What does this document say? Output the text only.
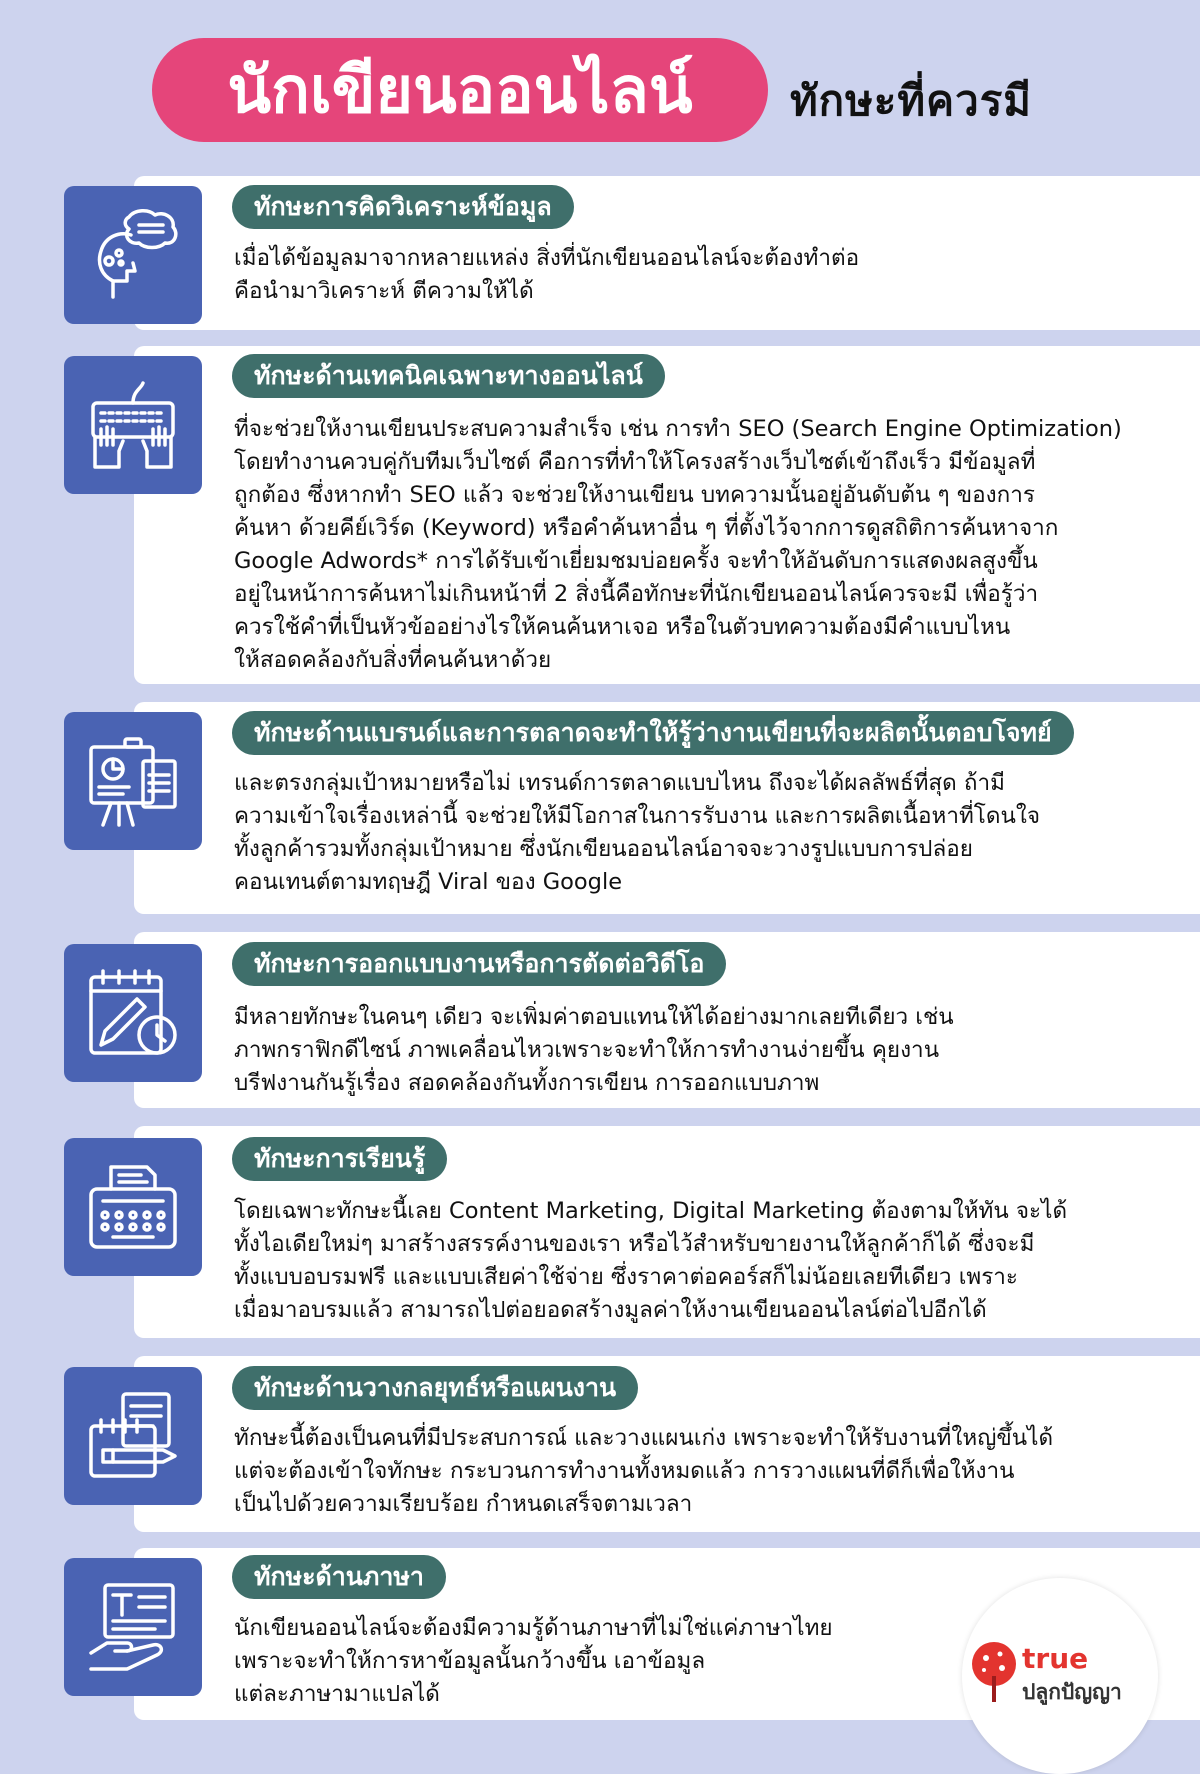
นักเขียนออนไลน์	ทักษะที่ควรมี
ทักษะการคิดวิเคราะห์ข้อมูล
เมื่อได้ข้อมูลมาจากหลายแหล่ง สิ่งที่นักเขียนออนไลน์จะต้องทำต่อ
คือนำมาวิเคราะห์ ตีความให้ได้
ทักษะด้านเทคนิคเฉพาะทางออนไลน์
ที่จะช่วยให้งานเขียนประสบความสำเร็จ เช่น การทำ SEO (Search Engine Optimization)
โดยทำงานควบคู่กับทีมเว็บไซต์ คือการที่ทำให้โครงสร้างเว็บไซต์เข้าถึงเร็ว มีข้อมูลที่
ถูกต้อง ซึ่งหากทำ SEO แล้ว จะช่วยให้งานเขียน บทความนั้นอยู่อันดับต้น ๆ ของการ
ค้นหา ด้วยคีย์เวิร์ด (Keyword) หรือคำค้นหาอื่น ๆ ที่ตั้งไว้จากการดูสถิติการค้นหาจาก
Google Adwords* การได้รับเข้าเยี่ยมชมบ่อยครั้ง จะทำให้อันดับการแสดงผลสูงขึ้น
อยู่ในหน้าการค้นหาไม่เกินหน้าที่ 2 สิ่งนี้คือทักษะที่นักเขียนออนไลน์ควรจะมี เพื่อรู้ว่า
ควรใช้คำที่เป็นหัวข้ออย่างไรให้คนค้นหาเจอ หรือในตัวบทความต้องมีคำแบบไหน
ให้สอดคล้องกับสิ่งที่คนค้นหาด้วย
ทักษะด้านแบรนด์และการตลาดจะทำให้รู้ว่างานเขียนที่จะผลิตนั้นตอบโจทย์
และตรงกลุ่มเป้าหมายหรือไม่ เทรนด์การตลาดแบบไหน ถึงจะได้ผลลัพธ์ที่สุด ถ้ามี
ความเข้าใจเรื่องเหล่านี้ จะช่วยให้มีโอกาสในการรับงาน และการผลิตเนื้อหาที่โดนใจ
ทั้งลูกค้ารวมทั้งกลุ่มเป้าหมาย ซึ่งนักเขียนออนไลน์อาจจะวางรูปแบบการปล่อย
คอนเทนต์ตามทฤษฎี Viral ของ Google
ทักษะการออกแบบงานหรือการตัดต่อวิดีโอ
มีหลายทักษะในคนๆ เดียว จะเพิ่มค่าตอบแทนให้ได้อย่างมากเลยทีเดียว เช่น
ภาพกราฟิกดีไซน์ ภาพเคลื่อนไหวเพราะจะทำให้การทำงานง่ายขึ้น คุยงาน
บรีฟงานกันรู้เรื่อง สอดคล้องกันทั้งการเขียน การออกแบบภาพ
ทักษะการเรียนรู้
โดยเฉพาะทักษะนี้เลย Content Marketing, Digital Marketing ต้องตามให้ทัน จะได้
ทั้งไอเดียใหม่ๆ มาสร้างสรรค์งานของเรา หรือไว้สำหรับขายงานให้ลูกค้าก็ได้ ซึ่งจะมี
ทั้งแบบอบรมฟรี และแบบเสียค่าใช้จ่าย ซึ่งราคาต่อคอร์สก็ไม่น้อยเลยทีเดียว เพราะ
เมื่อมาอบรมแล้ว สามารถไปต่อยอดสร้างมูลค่าให้งานเขียนออนไลน์ต่อไปอีกได้
ทักษะด้านวางกลยุทธ์หรือแผนงาน
ทักษะนี้ต้องเป็นคนที่มีประสบการณ์ และวางแผนเก่ง เพราะจะทำให้รับงานที่ใหญ่ขึ้นได้
แต่จะต้องเข้าใจทักษะ กระบวนการทำงานทั้งหมดแล้ว การวางแผนที่ดีก็เพื่อให้งาน
เป็นไปด้วยความเรียบร้อย กำหนดเสร็จตามเวลา
ทักษะด้านภาษา
นักเขียนออนไลน์จะต้องมีความรู้ด้านภาษาที่ไม่ใช่แค่ภาษาไทย
เพราะจะทำให้การหาข้อมูลนั้นกว้างขึ้น เอาข้อมูล
แต่ละภาษามาแปลได้
true
ปลูกปัญญา
